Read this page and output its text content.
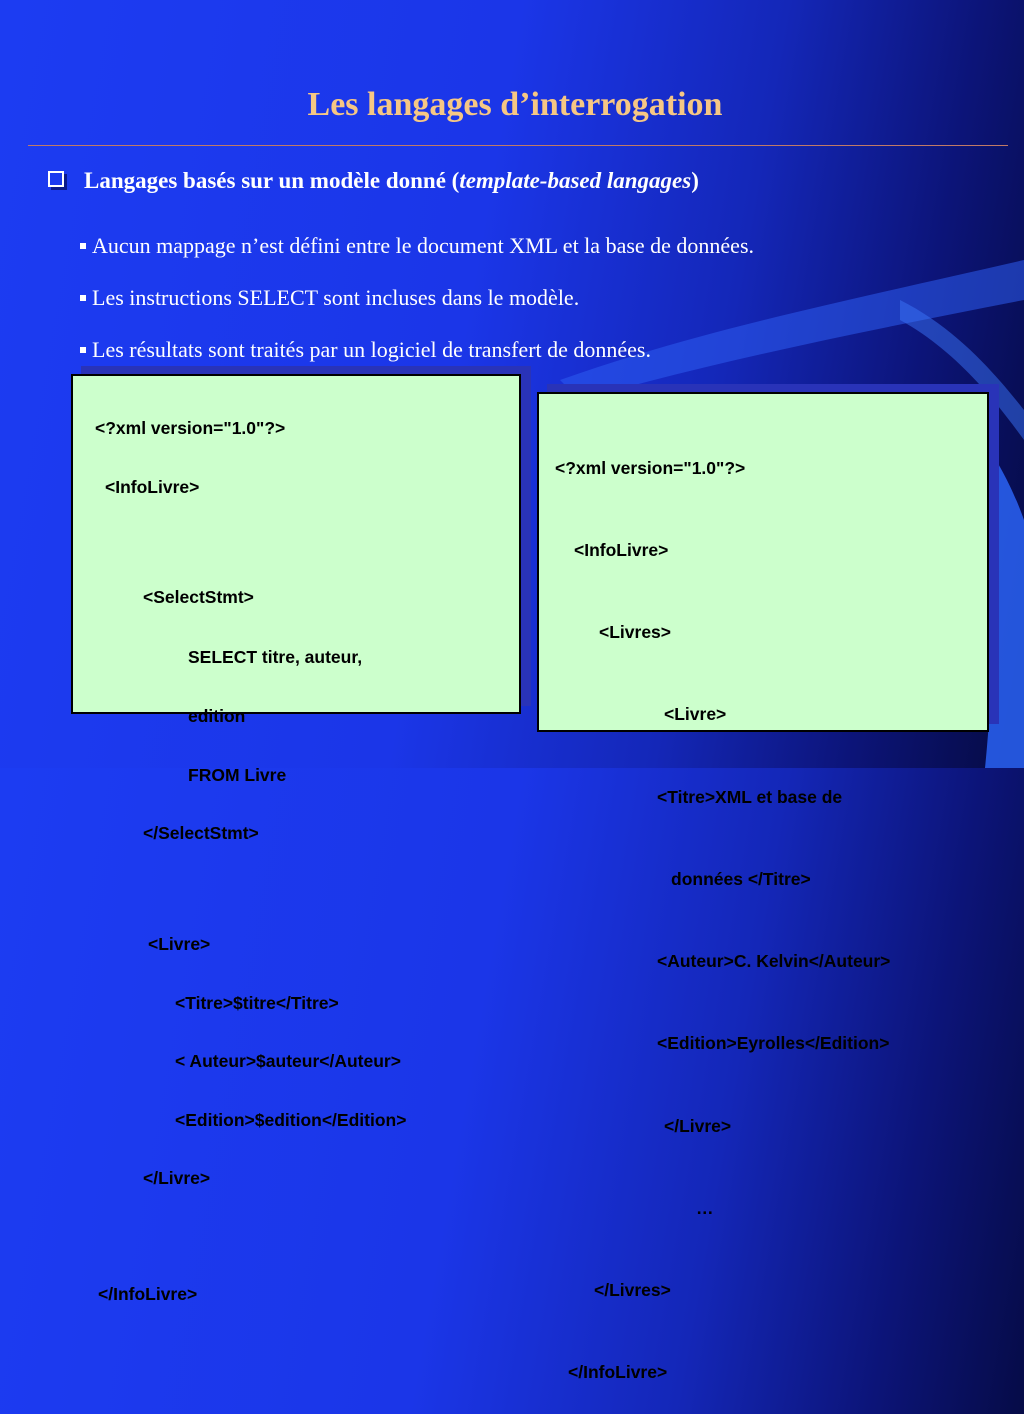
Les langages d’interrogation
Langages basés sur un modèle donné (template-based langages)
Aucun mappage n’est défini entre le document XML et la base de données.
Les instructions SELECT sont incluses dans le modèle.
Les résultats sont traités par un logiciel de transfert de données.

<?xml version="1.0"?>

<InfoLivre>

<SelectStmt>

SELECT titre, auteur,

edition

FROM Livre

</SelectStmt>

<Livre>

<Titre>$titre</Titre>

< Auteur>$auteur</Auteur>

<Edition>$edition</Edition>

</Livre>

</InfoLivre>

<?xml version="1.0"?>

<InfoLivre>

<Livres>

<Livre>

<Titre>XML et base de

données </Titre>

<Auteur>C. Kelvin</Auteur>

<Edition>Eyrolles</Edition>

</Livre>

…

</Livres>

</InfoLivre>
